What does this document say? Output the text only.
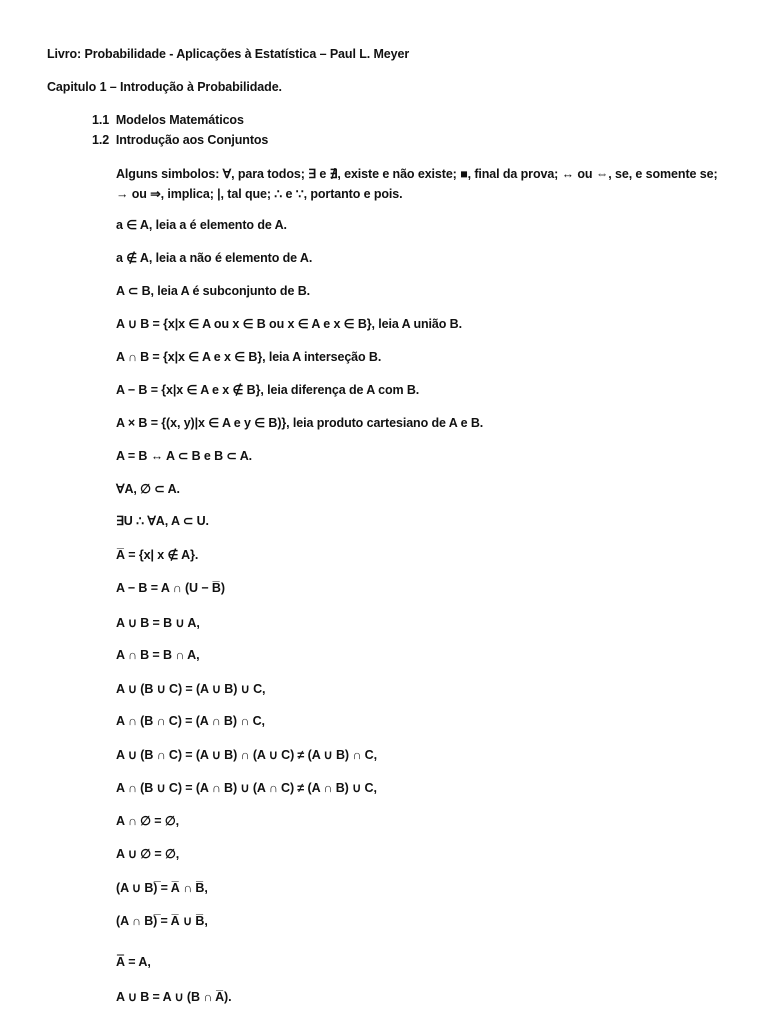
Livro: Probabilidade - Aplicações à Estatística – Paul L. Meyer
Capitulo 1 – Introdução à Probabilidade.
1.1 Modelos Matemáticos
1.2 Introdução aos Conjuntos
Alguns simbolos: ∀, para todos; ∃ e ∄, existe e não existe; ■, final da prova; ↔ ou ⇔, se, e somente se;
→ ou ⇒, implica; |, tal que; ∴ e ∵, portanto e pois.
a ∈ A, leia a é elemento de A.
a ∉ A, leia a não é elemento de A.
A ⊂ B, leia A é subconjunto de B.
A ∪ B = {x|x ∈ A ou x ∈ B ou x ∈ A e x ∈ B}, leia A união B.
A ∩ B = {x|x ∈ A e x ∈ B}, leia A interseção B.
A − B = {x|x ∈ A e x ∉ B}, leia diferença de A com B.
A × B = {(x, y)|x ∈ A e y ∈ B)}, leia produto cartesiano de A e B.
A = B ↔ A ⊂ B e B ⊂ A.
∀A, ∅ ⊂ A.
∃U ∴ ∀A, A ⊂ U.
A̅ = {x| x ∉ A}.
A − B = A ∩ (U − B̅)
A ∪ B = B ∪ A,
A ∩ B = B ∩ A,
A ∪ (B ∪ C) = (A ∪ B) ∪ C,
A ∩ (B ∩ C) = (A ∩ B) ∩ C,
A ∪ (B ∩ C) = (A ∪ B) ∩ (A ∪ C) ≠ (A ∪ B) ∩ C,
A ∩ (B ∪ C) = (A ∩ B) ∪ (A ∩ C) ≠ (A ∩ B) ∪ C,
A ∩ ∅ = ∅,
A ∪ ∅ = ∅,
(A ∪ B)̅ = A̅ ∩ B̅,
(A ∩ B)̅ = A̅ ∪ B̅,
A̿ = A,
A ∪ B = A ∪ (B ∩ A̅).
